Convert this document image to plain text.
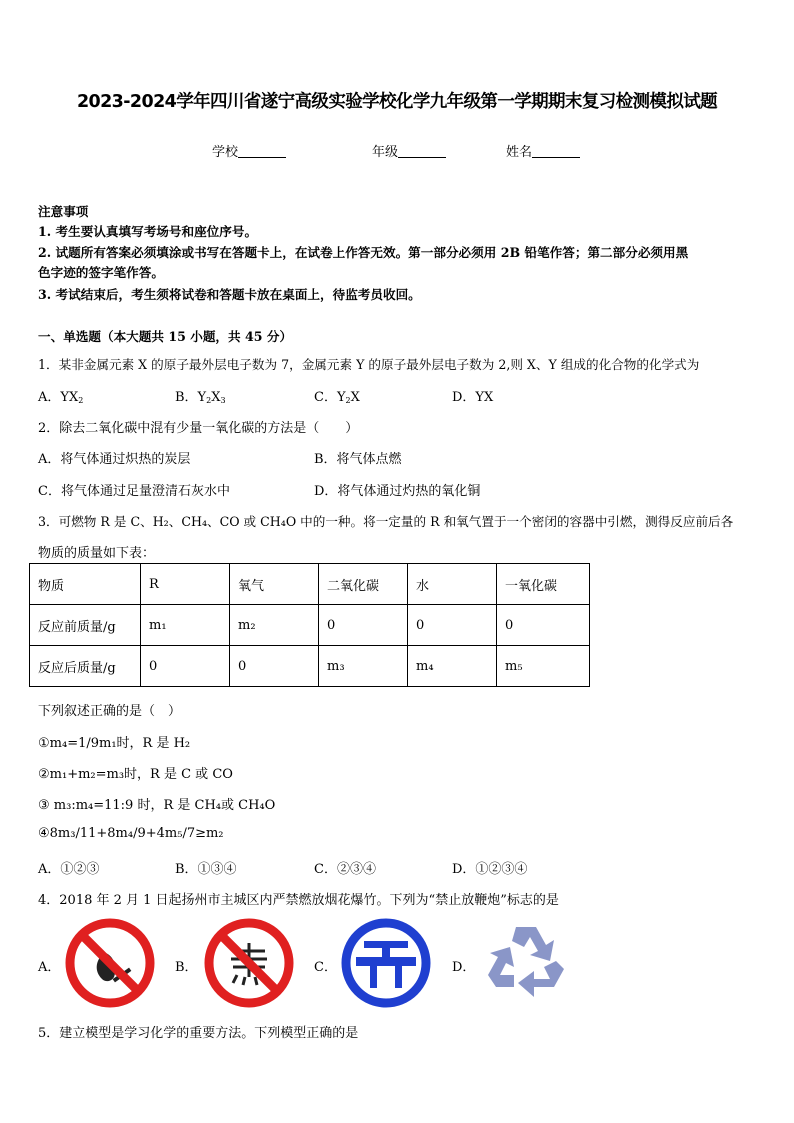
2023-2024学年四川省遂宁高级实验学校化学九年级第一学期期末复习检测模拟试题
学校	年级	姓名
注意事项
1. 考生要认真填写考场号和座位序号。
2. 试题所有答案必须填涂或书写在答题卡上，在试卷上作答无效。第一部分必须用 2B 铅笔作答；第二部分必须用黑
色字迹的签字笔作答。
3. 考试结束后，考生须将试卷和答题卡放在桌面上，待监考员收回。
一、单选题（本大题共 15 小题，共 45 分）
1．某非金属元素 X 的原子最外层电子数为 7，金属元素 Y 的原子最外层电子数为 2,则 X、Y 组成的化合物的化学式为
A．$YX_2$	B．$Y_2X_3$	C．$Y_2X$	D．YX
2．除去二氧化碳中混有少量一氧化碳的方法是（　　）
A．将气体通过炽热的炭层	B．将气体点燃
C．将气体通过足量澄清石灰水中	D．将气体通过灼热的氧化铜
3．可燃物 R 是 C、H₂、CH₄、CO 或 CH₄O 中的一种。将一定量的 R 和氧气置于一个密闭的容器中引燃，测得反应前后各
物质的质量如下表：
物质	R	氧气	二氧化碳	水	一氧化碳
反应前质量/g	m₁	m₂	0	0	0
反应后质量/g	0	0	m₃	m₄	m₅
下列叙述正确的是（　）
①m₄=1/9m₁时，R 是 H₂
②m₁+m₂=m₃时，R 是 C 或 CO
③ m₃:m₄=11:9 时，R 是 CH₄或 CH₄O
④8m₃/11+8m₄/9+4m₅/7≥m₂
A．①②③	B．①③④	C．②③④	D．①②③④
4．2018 年 2 月 1 日起扬州市主城区内严禁燃放烟花爆竹。下列为“禁止放鞭炮”标志的是
A．	B．	C．	D．
5．建立模型是学习化学的重要方法。下列模型正确的是
